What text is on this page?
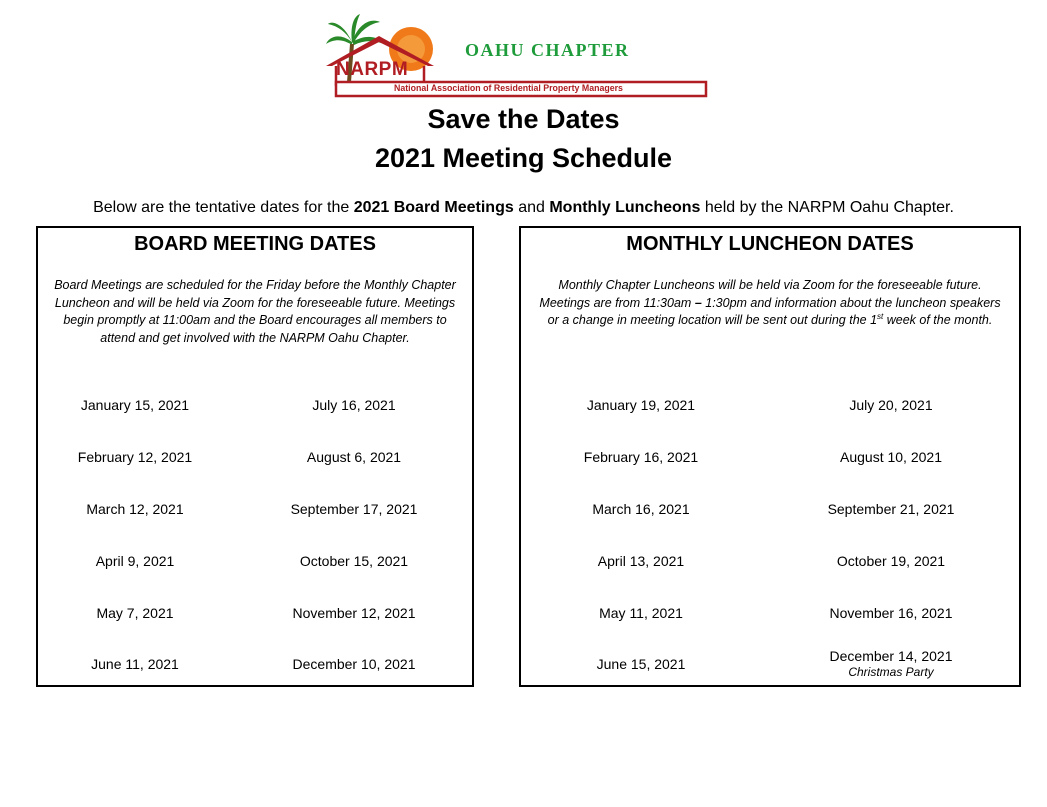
NARPM
National Association of Residential Property Managers
OAHU CHAPTER
Save the Dates
2021 Meeting Schedule
Below are the tentative dates for the 2021 Board Meetings and Monthly Luncheons held by the NARPM Oahu Chapter.
BOARD MEETING DATES
Board Meetings are scheduled for the Friday before the Monthly Chapter
Luncheon and will be held via Zoom for the foreseeable future. Meetings
begin promptly at 11:00am and the Board encourages all members to
attend and get involved with the NARPM Oahu Chapter.
January 15, 2021
February 12, 2021
March 12, 2021
April 9, 2021
May 7, 2021
June 11, 2021
July 16, 2021
August 6, 2021
September 17, 2021
October 15, 2021
November 12, 2021
December 10, 2021
MONTHLY LUNCHEON DATES
Monthly Chapter Luncheons will be held via Zoom for the foreseeable future.
Meetings are from 11:30am – 1:30pm and information about the luncheon speakers
or a change in meeting location will be sent out during the 1st week of the month.
January 19, 2021
February 16, 2021
March 16, 2021
April 13, 2021
May 11, 2021
June 15, 2021
July 20, 2021
August 10, 2021
September 21, 2021
October 19, 2021
November 16, 2021
December 14, 2021
Christmas Party
